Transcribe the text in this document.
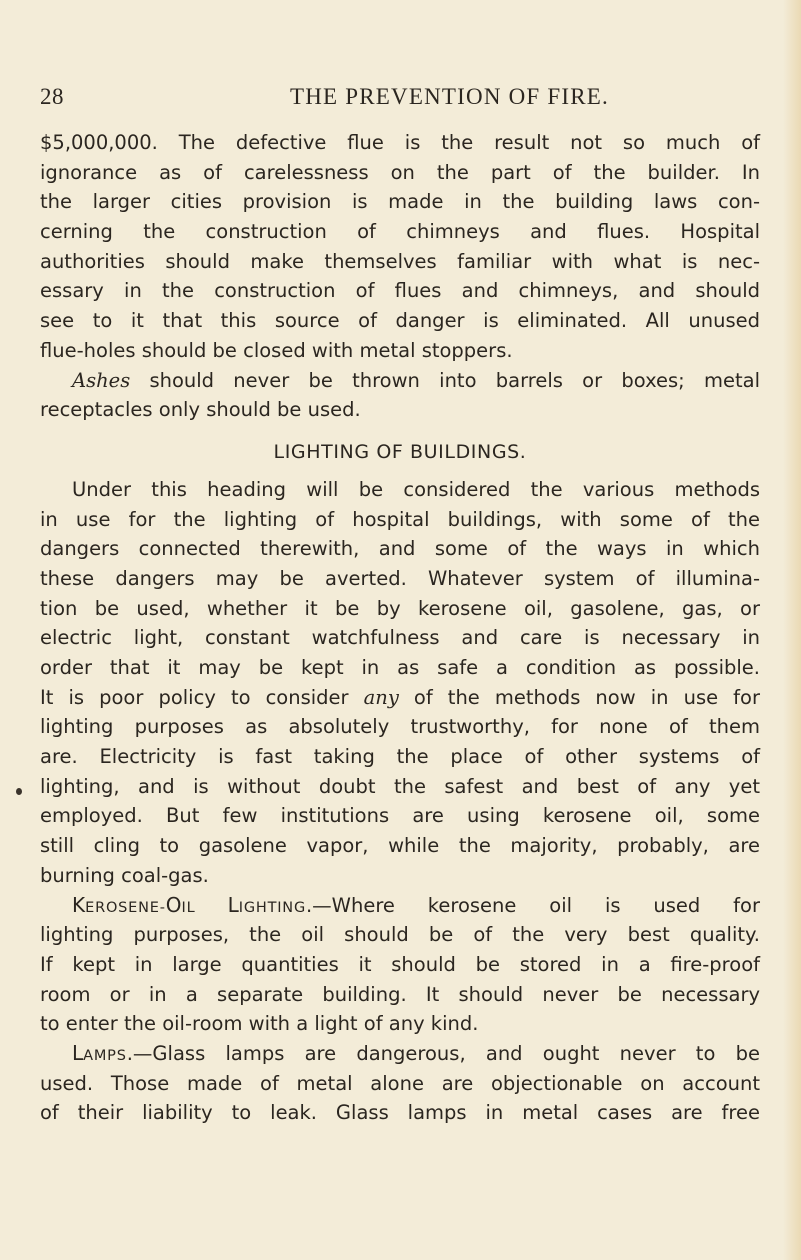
28	THE PREVENTION OF FIRE.
$5,000,000. The defective flue is the result not so much of
ignorance as of carelessness on the part of the builder. In
the larger cities provision is made in the building laws con-
cerning the construction of chimneys and flues. Hospital
authorities should make themselves familiar with what is nec-
essary in the construction of flues and chimneys, and should
see to it that this source of danger is eliminated. All unused
flue-holes should be closed with metal stoppers.
Ashes should never be thrown into barrels or boxes; metal
receptacles only should be used.
LIGHTING OF BUILDINGS.
Under this heading will be considered the various methods
in use for the lighting of hospital buildings, with some of the
dangers connected therewith, and some of the ways in which
these dangers may be averted. Whatever system of illumina-
tion be used, whether it be by kerosene oil, gasolene, gas, or
electric light, constant watchfulness and care is necessary in
order that it may be kept in as safe a condition as possible.
It is poor policy to consider any of the methods now in use for
lighting purposes as absolutely trustworthy, for none of them
are. Electricity is fast taking the place of other systems of
lighting, and is without doubt the safest and best of any yet
employed. But few institutions are using kerosene oil, some
still cling to gasolene vapor, while the majority, probably, are
burning coal-gas.
KEROSENE-OIL LIGHTING.—Where kerosene oil is used for
lighting purposes, the oil should be of the very best quality.
If kept in large quantities it should be stored in a fire-proof
room or in a separate building. It should never be necessary
to enter the oil-room with a light of any kind.
LAMPS.—Glass lamps are dangerous, and ought never to be
used. Those made of metal alone are objectionable on account
of their liability to leak. Glass lamps in metal cases are free
